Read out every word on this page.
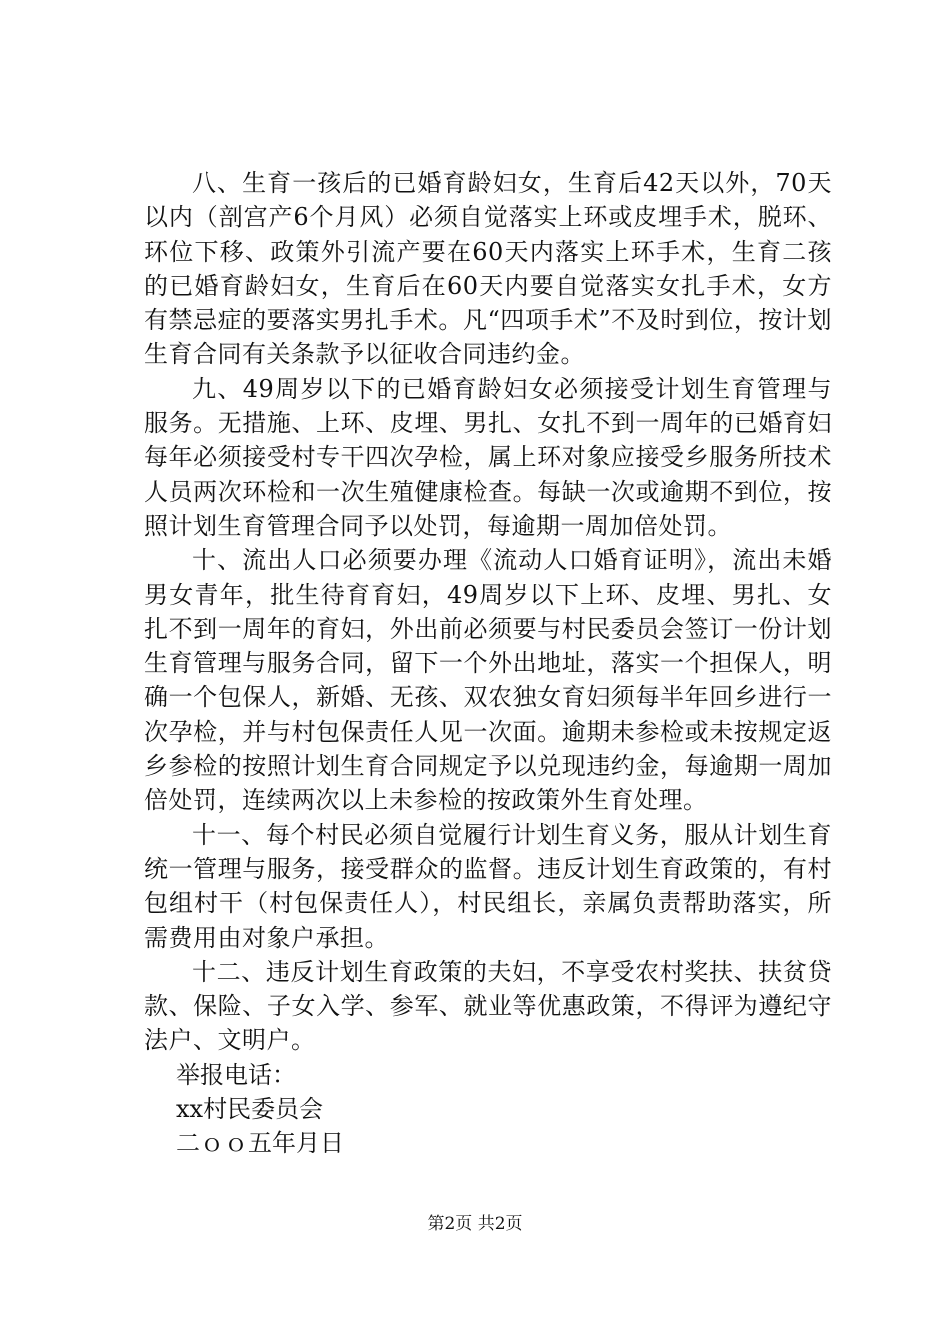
八、生育一孩后的已婚育龄妇女，生育后42天以外，70天以内（剖宫产6个月风）必须自觉落实上环或皮埋手术，脱环、环位下移、政策外引流产要在60天内落实上环手术，生育二孩的已婚育龄妇女，生育后在60天内要自觉落实女扎手术，女方有禁忌症的要落实男扎手术。凡“四项手术”不及时到位，按计划生育合同有关条款予以征收合同违约金。

九、49周岁以下的已婚育龄妇女必须接受计划生育管理与服务。无措施、上环、皮埋、男扎、女扎不到一周年的已婚育妇每年必须接受村专干四次孕检，属上环对象应接受乡服务所技术人员两次环检和一次生殖健康检查。每缺一次或逾期不到位，按照计划生育管理合同予以处罚，每逾期一周加倍处罚。

十、流出人口必须要办理《流动人口婚育证明》，流出未婚男女青年，批生待育育妇，49周岁以下上环、皮埋、男扎、女扎不到一周年的育妇，外出前必须要与村民委员会签订一份计划生育管理与服务合同，留下一个外出地址，落实一个担保人，明确一个包保人，新婚、无孩、双农独女育妇须每半年回乡进行一次孕检，并与村包保责任人见一次面。逾期未参检或未按规定返乡参检的按照计划生育合同规定予以兑现违约金，每逾期一周加倍处罚，连续两次以上未参检的按政策外生育处理。

十一、每个村民必须自觉履行计划生育义务，服从计划生育统一管理与服务，接受群众的监督。违反计划生育政策的，有村包组村干（村包保责任人），村民组长，亲属负责帮助落实，所需费用由对象户承担。

十二、违反计划生育政策的夫妇，不享受农村奖扶、扶贫贷款、保险、子女入学、参军、就业等优惠政策，不得评为遵纪守法户、文明户。

举报电话：

xx村民委员会

二ｏｏ五年月日

第2页 共2页
